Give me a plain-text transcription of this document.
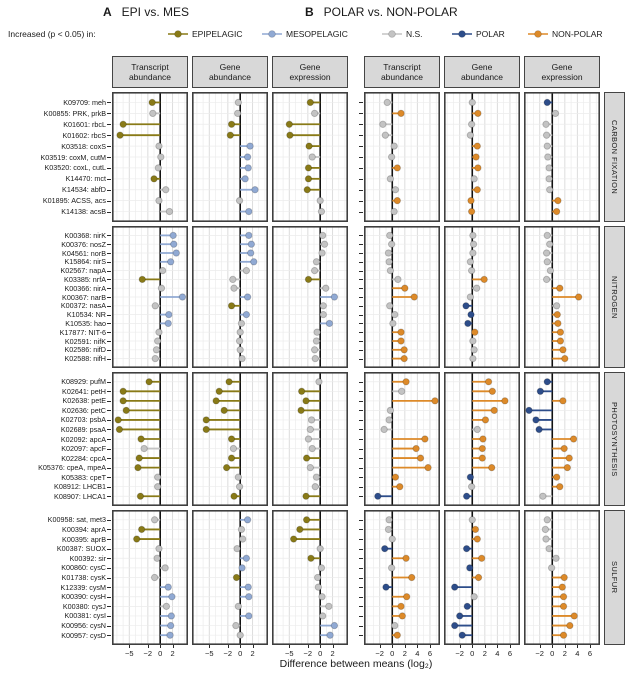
A EPI vs. MES	B POLAR vs. NON-POLAR
Increased (p < 0.05) in:	EPIPELAGIC	MESOPELAGIC	N.S.	POLAR	NON-POLAR
Transcript
abundance
Gene
abundance
Gene
expression
Transcript
abundance
Gene
abundance
Gene
expression
CARBON FIXATION
K09709: meh
K00855: PRK, prkB
K01601: rbcL
K01602: rbcS
K03518: coxS
K03519: coxM, cutM
K03520: coxL, cutL
K14470: mct
K14534: abfD
K01895: ACSS, acs
K14138: acsB
NITROGEN
K00368: nirK
K00376: nosZ
K04561: norB
K15864: nirS
K02567: napA
K03385: nrfA
K00366: nirA
K00367: narB
K00372: nasA
K10534: NR
K10535: hao
K17877: NIT-6
K02591: nifK
K02586: nifD
K02588: nifH
PHOTOSYNTHESIS
K08929: pufM
K02641: petH
K02638: petE
K02636: petC
K02703: psbA
K02689: psaA
K02092: apcA
K02097: apcF
K02284: cpcA
K05376: cpeA, mpeA
K05383: cpeT
K08912: LHCB1
K08907: LHCA1
SULFUR
K00958: sat, met3
K00394: aprA
K00395: aprB
K00387: SUOX
K00392: sir
K00860: cysC
K01738: cysK
K12339: cysM
K00390: cysH
K00380: cysJ
K00381: cysI
K00956: cysN
K00957: cysD
−5 −2 0 2	−5 −2 0 2	−5 −2 0 2	−2 0 2 4 6	−2 0 2 4 6	−2 0 2 4 6
Difference between means (log₂)
